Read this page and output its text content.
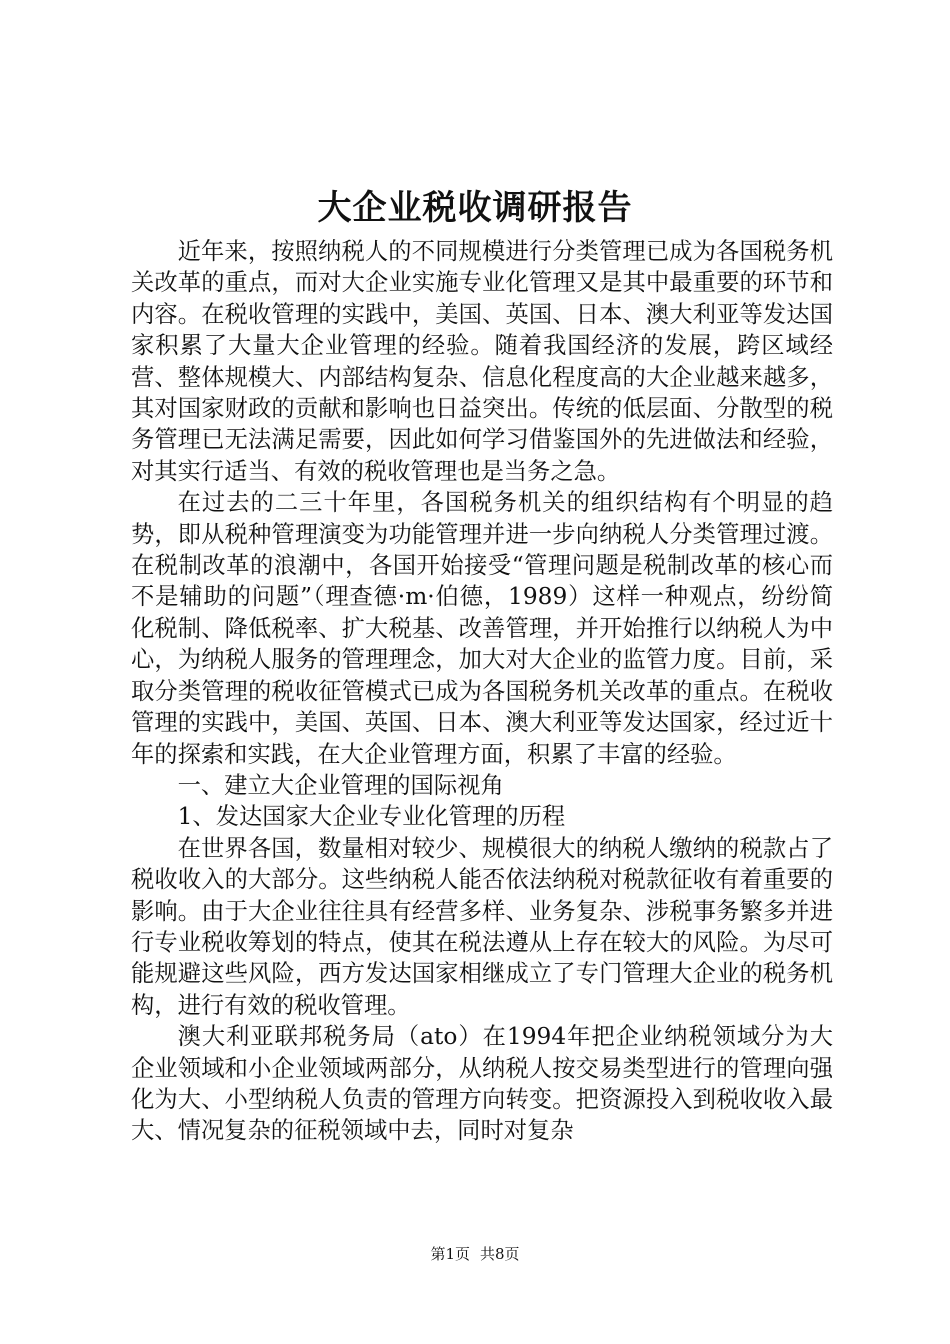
大企业税收调研报告

近年来，按照纳税人的不同规模进行分类管理已成为各国税务机关改革的重点，而对大企业实施专业化管理又是其中最重要的环节和内容。在税收管理的实践中，美国、英国、日本、澳大利亚等发达国家积累了大量大企业管理的经验。随着我国经济的发展，跨区域经营、整体规模大、内部结构复杂、信息化程度高的大企业越来越多，其对国家财政的贡献和影响也日益突出。传统的低层面、分散型的税务管理已无法满足需要，因此如何学习借鉴国外的先进做法和经验，对其实行适当、有效的税收管理也是当务之急。

在过去的二三十年里，各国税务机关的组织结构有个明显的趋势，即从税种管理演变为功能管理并进一步向纳税人分类管理过渡。在税制改革的浪潮中，各国开始接受“管理问题是税制改革的核心而不是辅助的问题”（理查德·m·伯德，1989）这样一种观点，纷纷简化税制、降低税率、扩大税基、改善管理，并开始推行以纳税人为中心，为纳税人服务的管理理念，加大对大企业的监管力度。目前，采取分类管理的税收征管模式已成为各国税务机关改革的重点。在税收管理的实践中，美国、英国、日本、澳大利亚等发达国家，经过近十年的探索和实践，在大企业管理方面，积累了丰富的经验。

一、建立大企业管理的国际视角

1、发达国家大企业专业化管理的历程

在世界各国，数量相对较少、规模很大的纳税人缴纳的税款占了税收收入的大部分。这些纳税人能否依法纳税对税款征收有着重要的影响。由于大企业往往具有经营多样、业务复杂、涉税事务繁多并进行专业税收筹划的特点，使其在税法遵从上存在较大的风险。为尽可能规避这些风险，西方发达国家相继成立了专门管理大企业的税务机构，进行有效的税收管理。

澳大利亚联邦税务局（ato）在1994年把企业纳税领域分为大企业领域和小企业领域两部分，从纳税人按交易类型进行的管理向强化为大、小型纳税人负责的管理方向转变。把资源投入到税收收入最大、情况复杂的征税领域中去，同时对复杂

第1页 共8页
